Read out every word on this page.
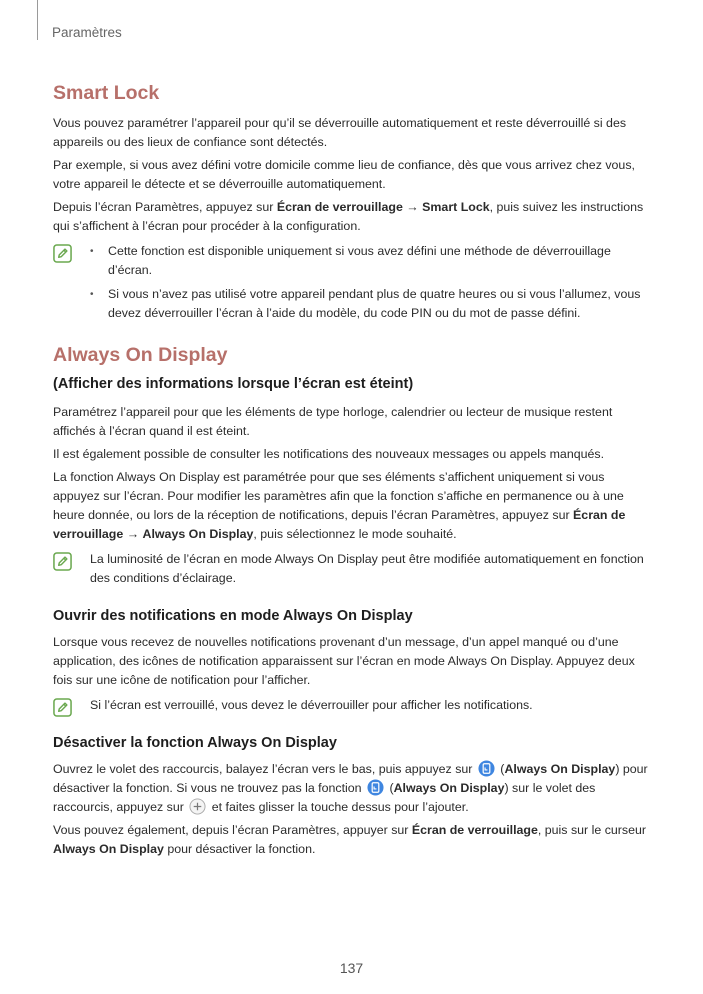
Paramètres
Smart Lock

Vous pouvez paramétrer l’appareil pour qu’il se déverrouille automatiquement et reste déverrouillé si des appareils ou des lieux de confiance sont détectés.

Par exemple, si vous avez défini votre domicile comme lieu de confiance, dès que vous arrivez chez vous, votre appareil le détecte et se déverrouille automatiquement.

Depuis l’écran Paramètres, appuyez sur Écran de verrouillage → Smart Lock, puis suivez les instructions qui s’affichent à l’écran pour procéder à la configuration.

• Cette fonction est disponible uniquement si vous avez défini une méthode de déverrouillage d’écran.
• Si vous n’avez pas utilisé votre appareil pendant plus de quatre heures ou si vous l’allumez, vous devez déverrouiller l’écran à l’aide du modèle, du code PIN ou du mot de passe défini.
Always On Display
(Afficher des informations lorsque l’écran est éteint)

Paramétrez l’appareil pour que les éléments de type horloge, calendrier ou lecteur de musique restent affichés à l’écran quand il est éteint.

Il est également possible de consulter les notifications des nouveaux messages ou appels manqués.

La fonction Always On Display est paramétrée pour que ses éléments s’affichent uniquement si vous appuyez sur l’écran. Pour modifier les paramètres afin que la fonction s’affiche en permanence ou à une heure donnée, ou lors de la réception de notifications, depuis l’écran Paramètres, appuyez sur Écran de verrouillage → Always On Display, puis sélectionnez le mode souhaité.

La luminosité de l’écran en mode Always On Display peut être modifiée automatiquement en fonction des conditions d’éclairage.

Ouvrir des notifications en mode Always On Display

Lorsque vous recevez de nouvelles notifications provenant d’un message, d’un appel manqué ou d’une application, des icônes de notification apparaissent sur l’écran en mode Always On Display. Appuyez deux fois sur une icône de notification pour l’afficher.

Si l’écran est verrouillé, vous devez le déverrouiller pour afficher les notifications.

Désactiver la fonction Always On Display

Ouvrez le volet des raccourcis, balayez l’écran vers le bas, puis appuyez sur  (Always On Display) pour désactiver la fonction. Si vous ne trouvez pas la fonction  (Always On Display) sur le volet des raccourcis, appuyez sur  et faites glisser la touche dessus pour l’ajouter.

Vous pouvez également, depuis l’écran Paramètres, appuyer sur Écran de verrouillage, puis sur le curseur Always On Display pour désactiver la fonction.

137
